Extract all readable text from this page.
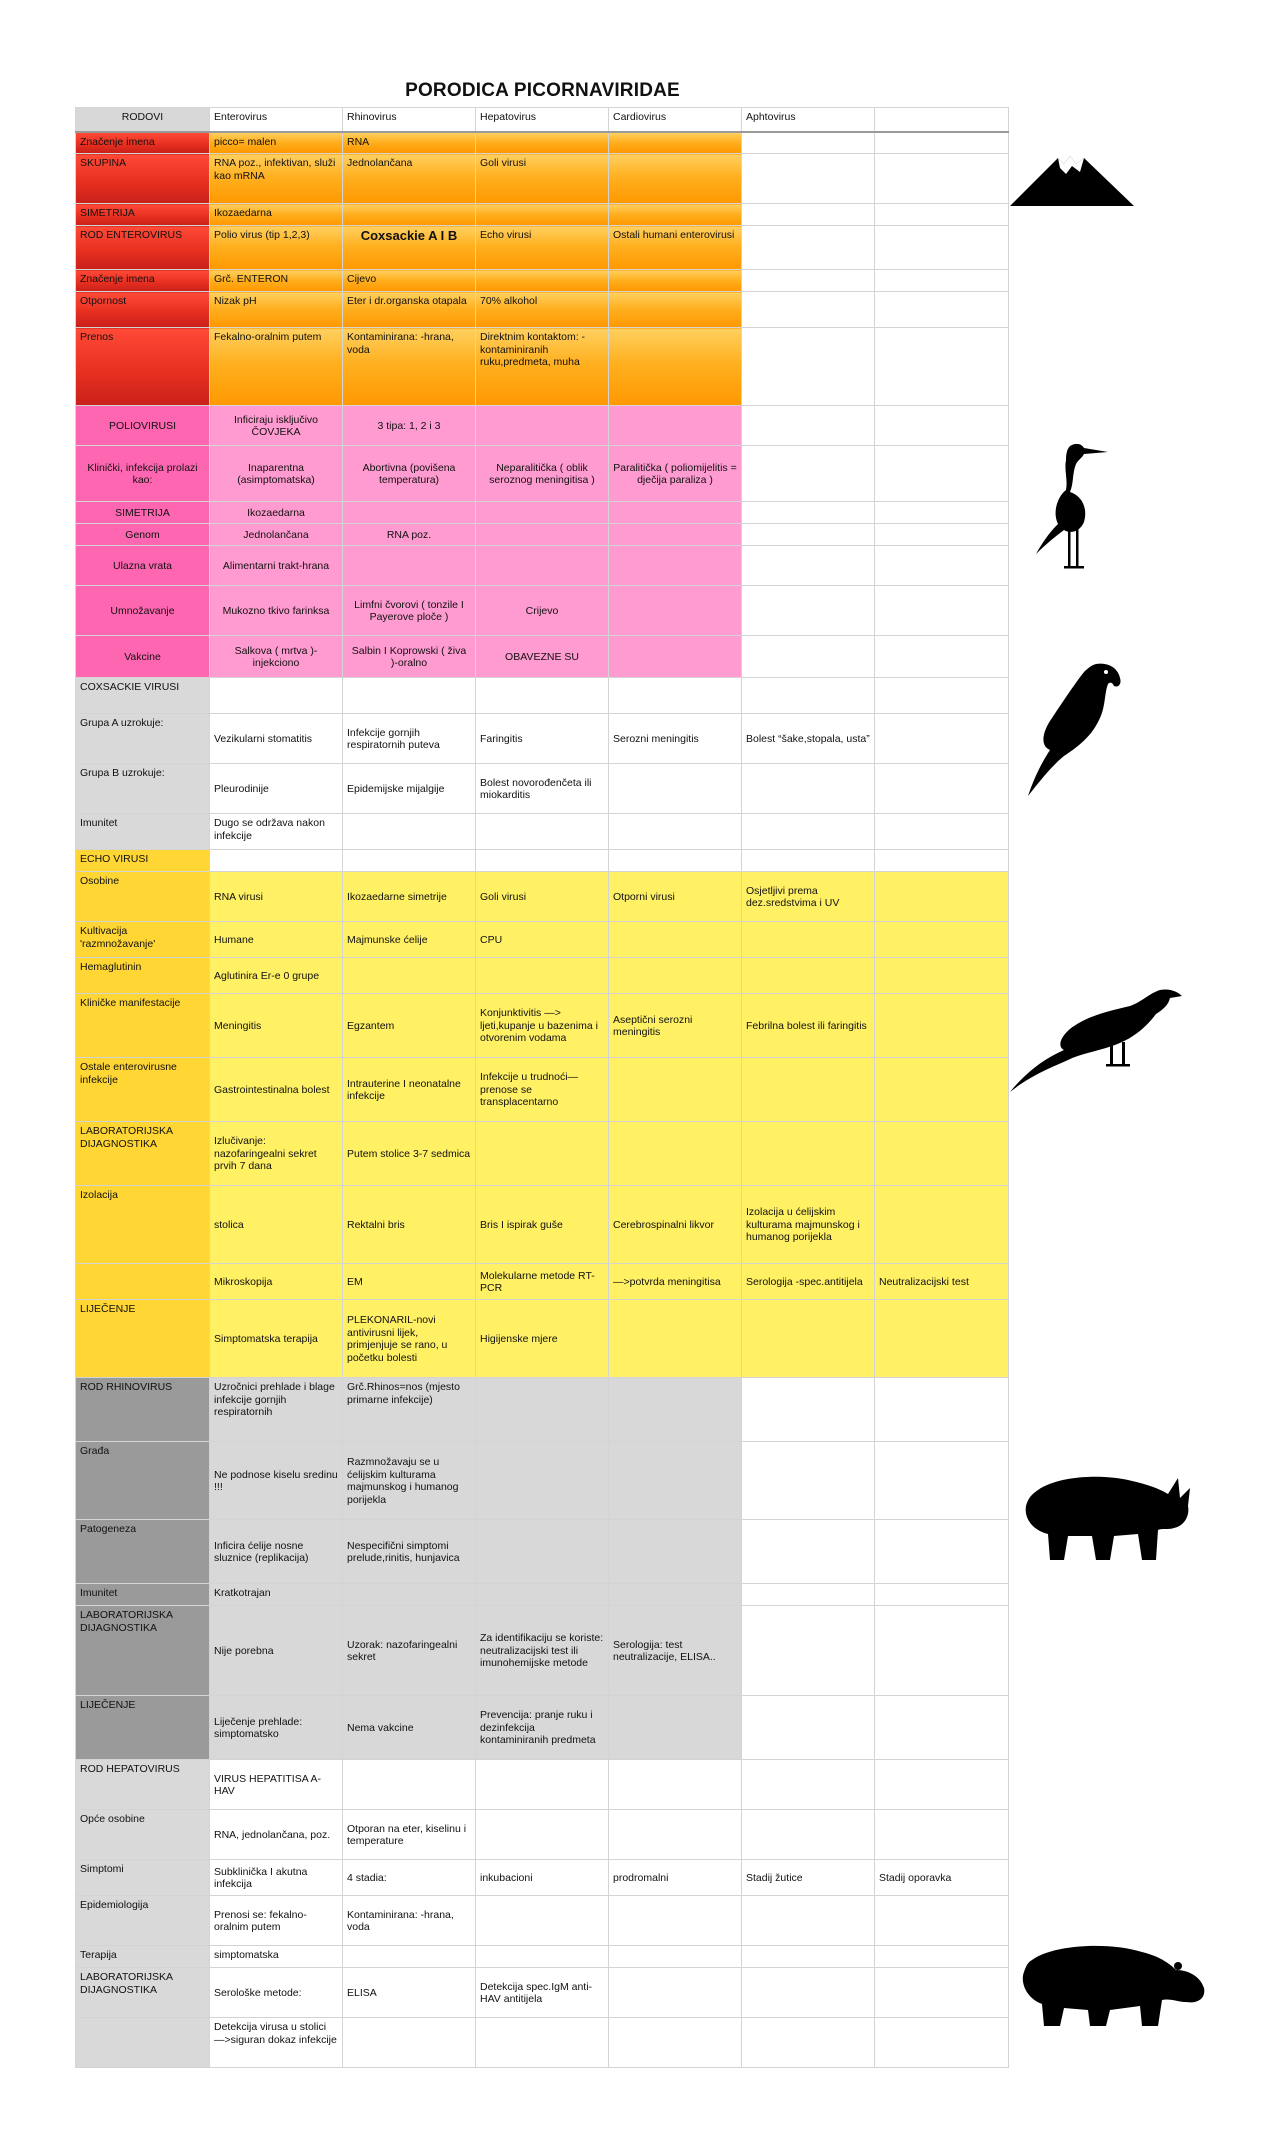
PORODICA PICORNAVIRIDAE
RODOVI	Enterovirus	Rhinovirus	Hepatovirus	Cardiovirus	Aphtovirus	
Značenje imena	picco= malen	RNA				
SKUPINA	RNA poz., infektivan, služi kao mRNA	Jednolančana	Goli virusi			
SIMETRIJA	Ikozaedarna					
ROD ENTEROVIRUS	Polio virus (tip 1,2,3)	Coxsackie A I B	Echo virusi	Ostali humani enterovirusi		
Značenje imena	Grč. ENTERON	Cijevo				
Otpornost	Nizak pH	Eter i dr.organska otapala	70% alkohol			
Prenos	Fekalno-oralnim putem	Kontaminirana: -hrana, voda	Direktnim kontaktom: -kontaminiranih ruku,predmeta, muha			
POLIOVIRUSI	Inficiraju isključivo ČOVJEKA	3 tipa: 1, 2 i 3				
Klinički, infekcija prolazi kao:	Inaparentna (asimptomatska)	Abortivna (povišena temperatura)	Neparalitička ( oblik seroznog meningitisa )	Paralitička ( poliomijelitis = dječija paraliza )		
SIMETRIJA	Ikozaedarna					
Genom	Jednolančana	RNA poz.				
Ulazna vrata	Alimentarni trakt-hrana					
Umnožavanje	Mukozno tkivo farinksa	Limfni čvorovi ( tonzile I Payerove ploče )	Crijevo			
Vakcine	Salkova ( mrtva )- injekciono	Salbin I Koprowski ( živa )-oralno	OBAVEZNE SU			
COXSACKIE VIRUSI						
Grupa A uzrokuje:	Vezikularni stomatitis	Infekcije gornjih respiratornih puteva	Faringitis	Serozni meningitis	Bolest “šake,stopala, usta”	
Grupa B uzrokuje:	Pleurodinije	Epidemijske mijalgije	Bolest novorođenčeta ili miokarditis			
Imunitet	Dugo se održava nakon infekcije					
ECHO VIRUSI						
Osobine	RNA virusi	Ikozaedarne simetrije	Goli virusi	Otporni virusi	Osjetljivi prema dez.sredstvima i UV	
Kultivacija 'razmnožavanje'	Humane	Majmunske ćelije	CPU			
Hemaglutinin	Aglutinira Er-e 0 grupe					
Kliničke manifestacije	Meningitis	Egzantem	Konjunktivitis —> ljeti,kupanje u bazenima i otvorenim vodama	Aseptični serozni meningitis	Febrilna bolest ili faringitis	
Ostale enterovirusne infekcije	Gastrointestinalna bolest	Intrauterine I neonatalne infekcije	Infekcije u trudnoći— prenose se transplacentarno			
LABORATORIJSKA DIJAGNOSTIKA	Izlučivanje: nazofaringealni sekret prvih 7 dana	Putem stolice 3-7 sedmica				
Izolacija	stolica	Rektalni bris	Bris I ispirak guše	Cerebrospinalni likvor	Izolacija u ćelijskim kulturama majmunskog i humanog porijekla	
	Mikroskopija	EM	Molekularne metode RT-PCR	—>potvrda meningitisa	Serologija -spec.antitijela	Neutralizacijski test
LIJEČENJE	Simptomatska terapija	PLEKONARIL-novi antivirusni lijek, primjenjuje se rano, u početku bolesti	Higijenske mjere			
ROD RHINOVIRUS	Uzročnici prehlade i blage infekcije gornjih respiratornih	Grč.Rhinos=nos (mjesto primarne infekcije)				
Građa	Ne podnose kiselu sredinu !!!	Razmnožavaju se u ćelijskim kulturama majmunskog i humanog porijekla				
Patogeneza	Inficira ćelije nosne sluznice (replikacija)	Nespecifični simptomi prelude,rinitis, hunjavica				
Imunitet	Kratkotrajan					
LABORATORIJSKA DIJAGNOSTIKA	Nije porebna	Uzorak: nazofaringealni sekret	Za identifikaciju se koriste: neutralizacijski test ili imunohemijske metode	Serologija: test neutralizacije, ELISA..		
LIJEČENJE	Liječenje prehlade: simptomatsko	Nema vakcine	Prevencija: pranje ruku i dezinfekcija kontaminiranih predmeta			
ROD HEPATOVIRUS	VIRUS HEPATITISA A-HAV					
Opće osobine	RNA, jednolančana, poz.	Otporan na eter, kiselinu i temperature				
Simptomi	Subklinička I akutna infekcija	4 stadia:	inkubacioni	prodromalni	Stadij žutice	Stadij oporavka
Epidemiologija	Prenosi se: fekalno-oralnim putem	Kontaminirana: -hrana, voda				
Terapija	simptomatska					
LABORATORIJSKA DIJAGNOSTIKA	Serološke metode:	ELISA	Detekcija spec.IgM anti-HAV antitijela			
	Detekcija virusa u stolici —>siguran dokaz infekcije					
